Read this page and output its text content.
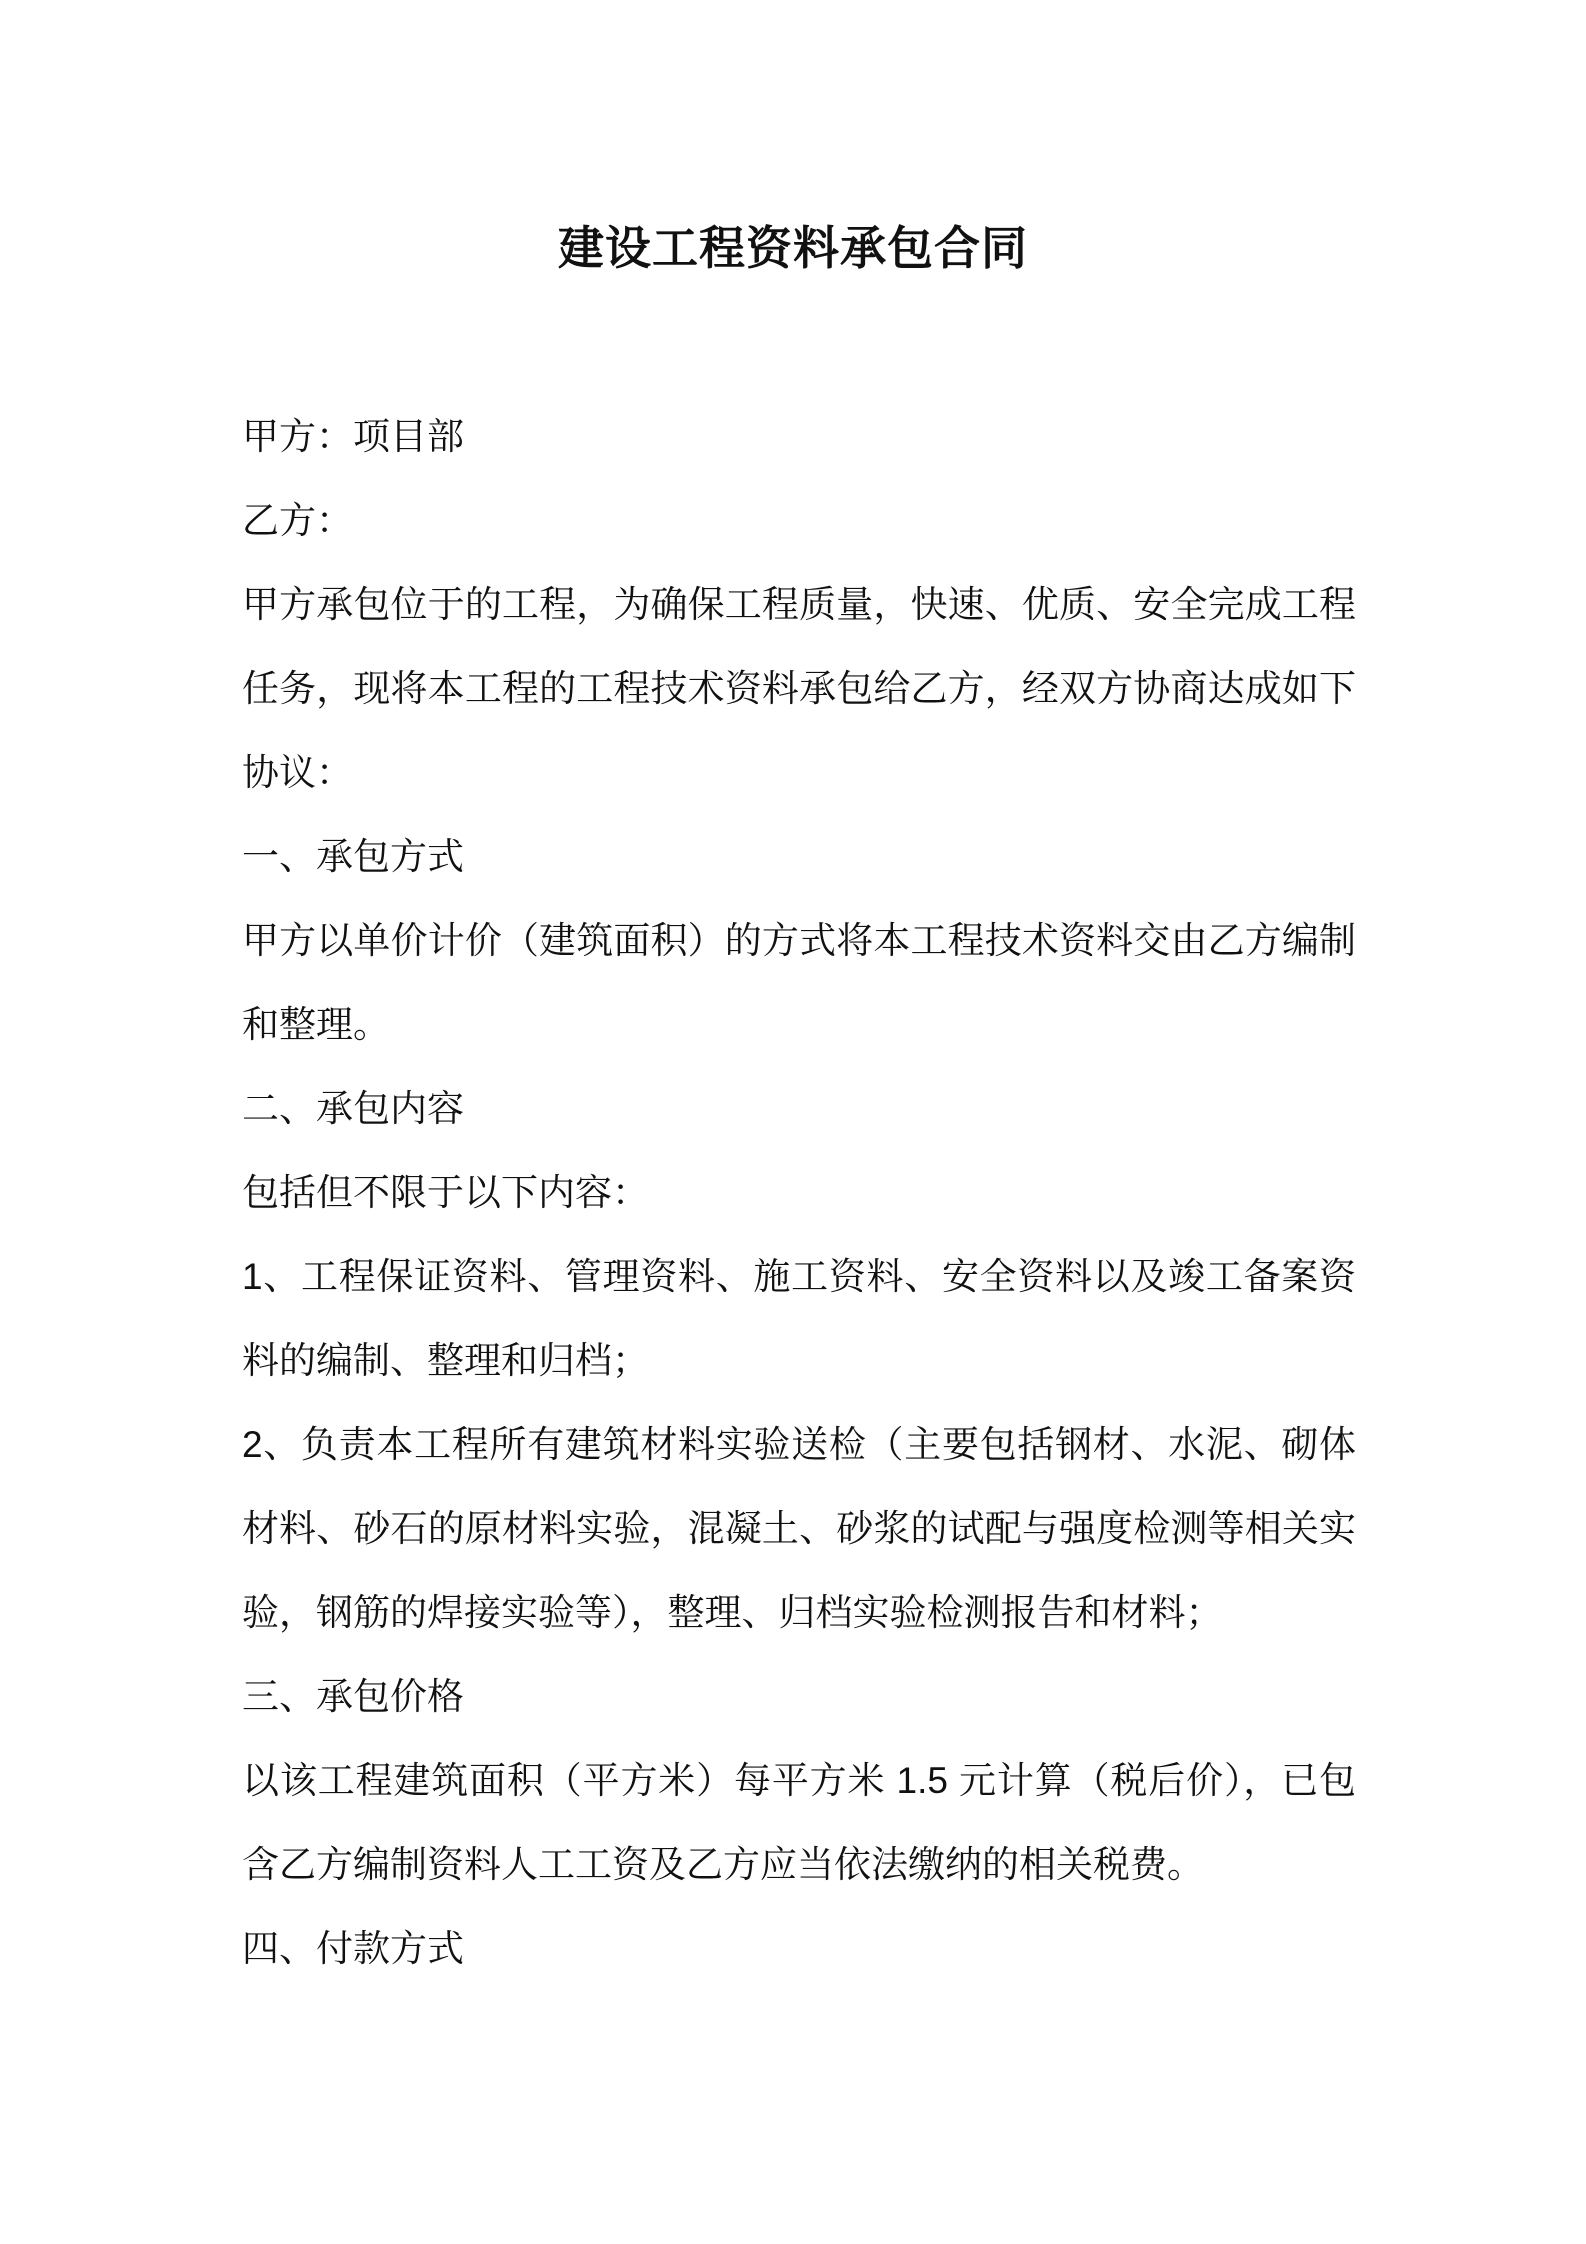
建设工程资料承包合同
甲方：项目部
乙方：
甲方承包位于的工程，为确保工程质量，快速、优质、安全完成工程
任务，现将本工程的工程技术资料承包给乙方，经双方协商达成如下
协议：
一、承包方式
甲方以单价计价（建筑面积）的方式将本工程技术资料交由乙方编制
和整理。
二、承包内容
包括但不限于以下内容：
1、工程保证资料、管理资料、施工资料、安全资料以及竣工备案资
料的编制、整理和归档；
2、负责本工程所有建筑材料实验送检（主要包括钢材、水泥、砌体
材料、砂石的原材料实验，混凝土、砂浆的试配与强度检测等相关实
验，钢筋的焊接实验等），整理、归档实验检测报告和材料；
三、承包价格
以该工程建筑面积（平方米）每平方米 1.5 元计算（税后价），已包
含乙方编制资料人工工资及乙方应当依法缴纳的相关税费。
四、付款方式
